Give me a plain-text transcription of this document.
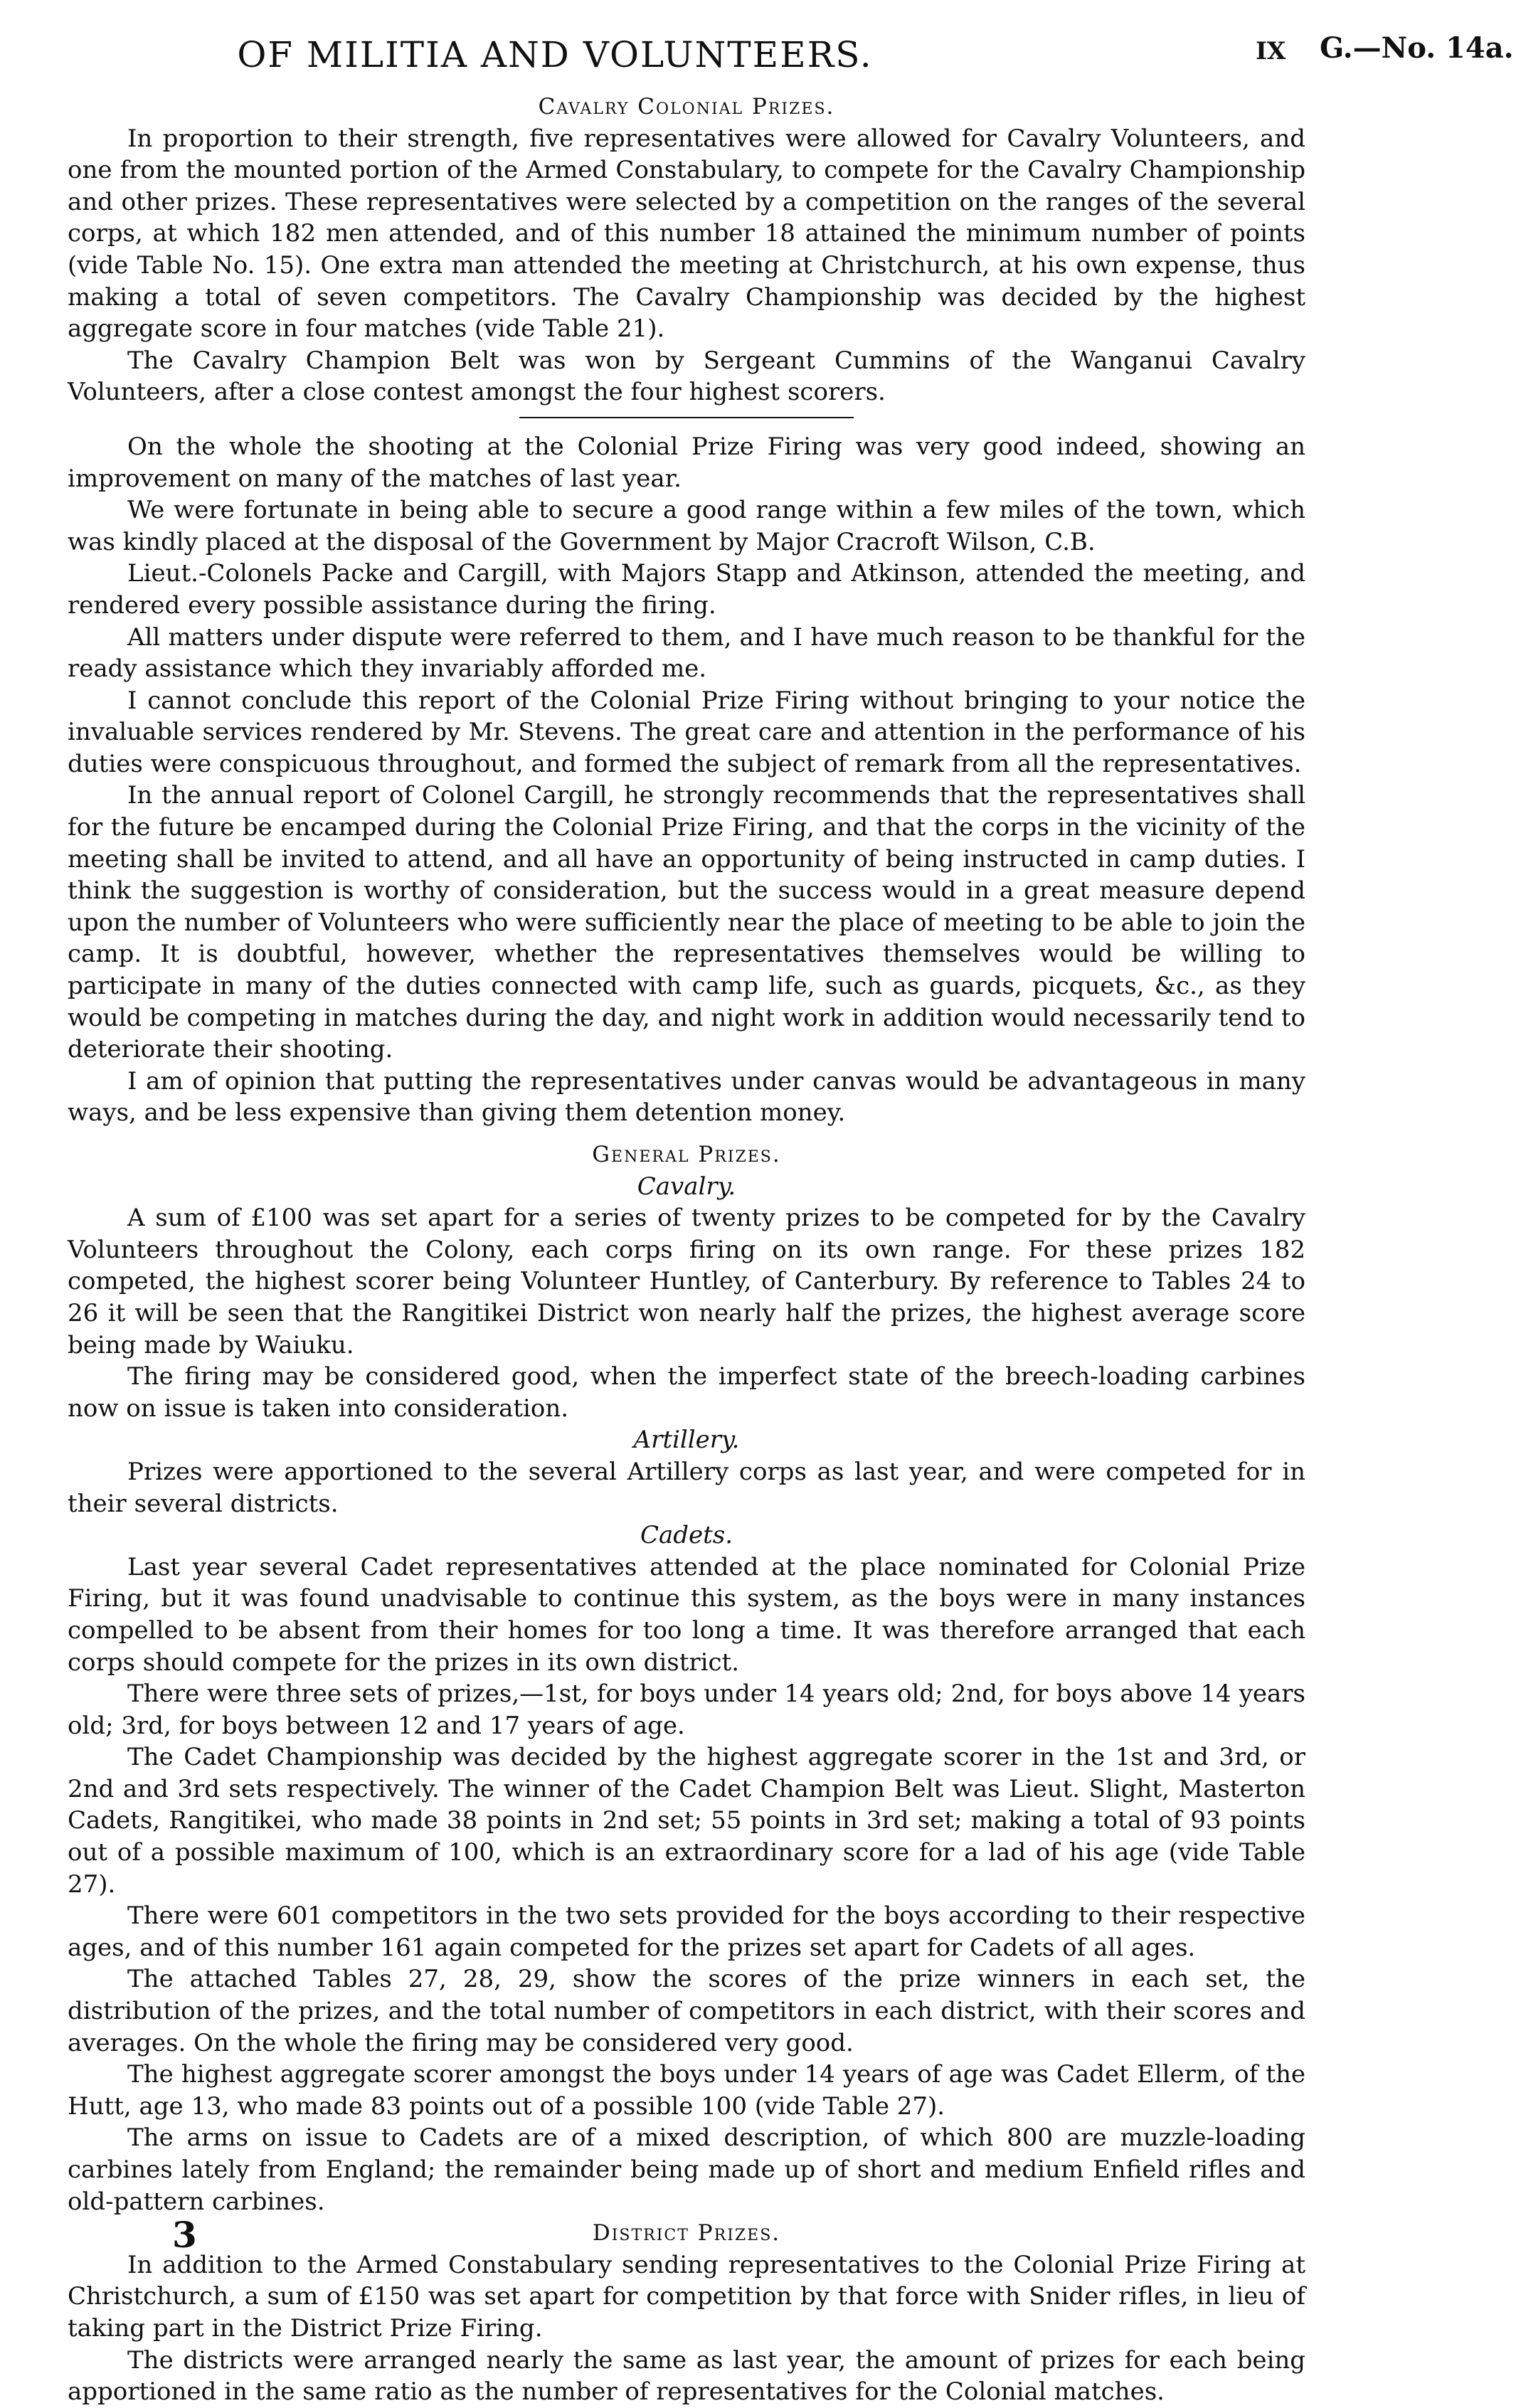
OF MILITIA AND VOLUNTEERS.	IX G.—No. 14a.
Cavalry Colonial Prizes.

In proportion to their strength, five representatives were allowed for Cavalry Volunteers, and one from the mounted portion of the Armed Constabulary, to compete for the Cavalry Championship and other prizes. These representatives were selected by a competition on the ranges of the several corps, at which 182 men attended, and of this number 18 attained the minimum number of points (vide Table No. 15). One extra man attended the meeting at Christchurch, at his own expense, thus making a total of seven competitors. The Cavalry Championship was decided by the highest aggregate score in four matches (vide Table 21).

The Cavalry Champion Belt was won by Sergeant Cummins of the Wanganui Cavalry Volunteers, after a close contest amongst the four highest scorers.

On the whole the shooting at the Colonial Prize Firing was very good indeed, showing an improvement on many of the matches of last year.

We were fortunate in being able to secure a good range within a few miles of the town, which was kindly placed at the disposal of the Government by Major Cracroft Wilson, C.B.

Lieut.-Colonels Packe and Cargill, with Majors Stapp and Atkinson, attended the meeting, and rendered every possible assistance during the firing.

All matters under dispute were referred to them, and I have much reason to be thankful for the ready assistance which they invariably afforded me.

I cannot conclude this report of the Colonial Prize Firing without bringing to your notice the invaluable services rendered by Mr. Stevens. The great care and attention in the performance of his duties were conspicuous throughout, and formed the subject of remark from all the representatives.

In the annual report of Colonel Cargill, he strongly recommends that the representatives shall for the future be encamped during the Colonial Prize Firing, and that the corps in the vicinity of the meeting shall be invited to attend, and all have an opportunity of being instructed in camp duties. I think the suggestion is worthy of consideration, but the success would in a great measure depend upon the number of Volunteers who were sufficiently near the place of meeting to be able to join the camp. It is doubtful, however, whether the representatives themselves would be willing to participate in many of the duties connected with camp life, such as guards, picquets, &c., as they would be competing in matches during the day, and night work in addition would necessarily tend to deteriorate their shooting.

I am of opinion that putting the representatives under canvas would be advantageous in many ways, and be less expensive than giving them detention money.

General Prizes.
Cavalry.

A sum of £100 was set apart for a series of twenty prizes to be competed for by the Cavalry Volunteers throughout the Colony, each corps firing on its own range. For these prizes 182 competed, the highest scorer being Volunteer Huntley, of Canterbury. By reference to Tables 24 to 26 it will be seen that the Rangitikei District won nearly half the prizes, the highest average score being made by Waiuku.

The firing may be considered good, when the imperfect state of the breech-loading carbines now on issue is taken into consideration.

Artillery.

Prizes were apportioned to the several Artillery corps as last year, and were competed for in their several districts.

Cadets.

Last year several Cadet representatives attended at the place nominated for Colonial Prize Firing, but it was found unadvisable to continue this system, as the boys were in many instances compelled to be absent from their homes for too long a time. It was therefore arranged that each corps should compete for the prizes in its own district.

There were three sets of prizes,—1st, for boys under 14 years old; 2nd, for boys above 14 years old; 3rd, for boys between 12 and 17 years of age.

The Cadet Championship was decided by the highest aggregate scorer in the 1st and 3rd, or 2nd and 3rd sets respectively. The winner of the Cadet Champion Belt was Lieut. Slight, Masterton Cadets, Rangitikei, who made 38 points in 2nd set; 55 points in 3rd set; making a total of 93 points out of a possible maximum of 100, which is an extraordinary score for a lad of his age (vide Table 27).

There were 601 competitors in the two sets provided for the boys according to their respective ages, and of this number 161 again competed for the prizes set apart for Cadets of all ages.

The attached Tables 27, 28, 29, show the scores of the prize winners in each set, the distribution of the prizes, and the total number of competitors in each district, with their scores and averages. On the whole the firing may be considered very good.

The highest aggregate scorer amongst the boys under 14 years of age was Cadet Ellerm, of the Hutt, age 13, who made 83 points out of a possible 100 (vide Table 27).

The arms on issue to Cadets are of a mixed description, of which 800 are muzzle-loading carbines lately from England; the remainder being made up of short and medium Enfield rifles and old-pattern carbines.

District Prizes.

In addition to the Armed Constabulary sending representatives to the Colonial Prize Firing at Christchurch, a sum of £150 was set apart for competition by that force with Snider rifles, in lieu of taking part in the District Prize Firing.

The districts were arranged nearly the same as last year, the amount of prizes for each being apportioned in the same ratio as the number of representatives for the Colonial matches.

3
